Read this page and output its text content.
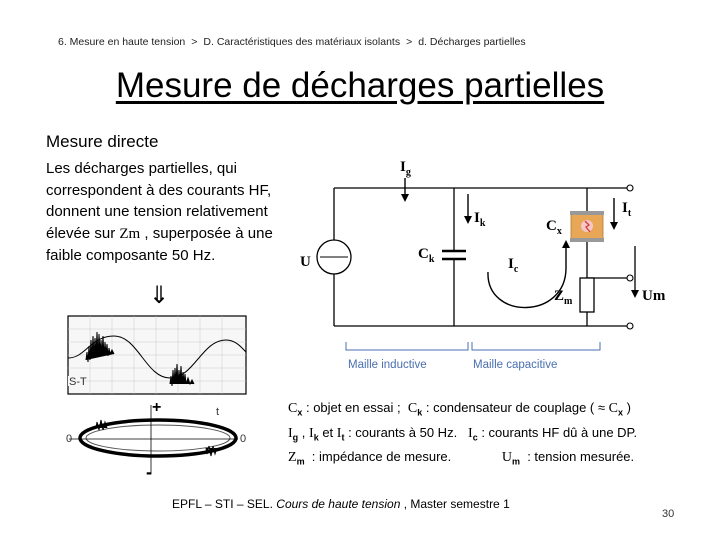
6. Mesure en haute tension > D. Caractéristiques des matériaux isolants > d. Décharges partielles
Mesure de décharges partielles
Mesure directe
Les décharges partielles, qui correspondent à des courants HF, donnent une tension relativement élevée sur Zm , superposée à une faible composante 50 Hz.
⇓
$I_g$
$I_k$
$I_t$
$I_c$
$C_x$
$C_k$
$Z_m$	Um
U
Maille inductive	Maille capacitive
S-T
+
-
t
0	0
$C_x$ : objet en essai ;  $C_k$ : condensateur de couplage ( ≈ $C_x$ )
$I_g$ , $I_k$ et $I_t$ : courants à 50 Hz.   $I_c$ : courants HF dû à une DP.
$Z_m$  : impédance de mesure.              $U_m$  : tension mesurée.
EPFL – STI – SEL. Cours de haute tension , Master semestre 1
30
